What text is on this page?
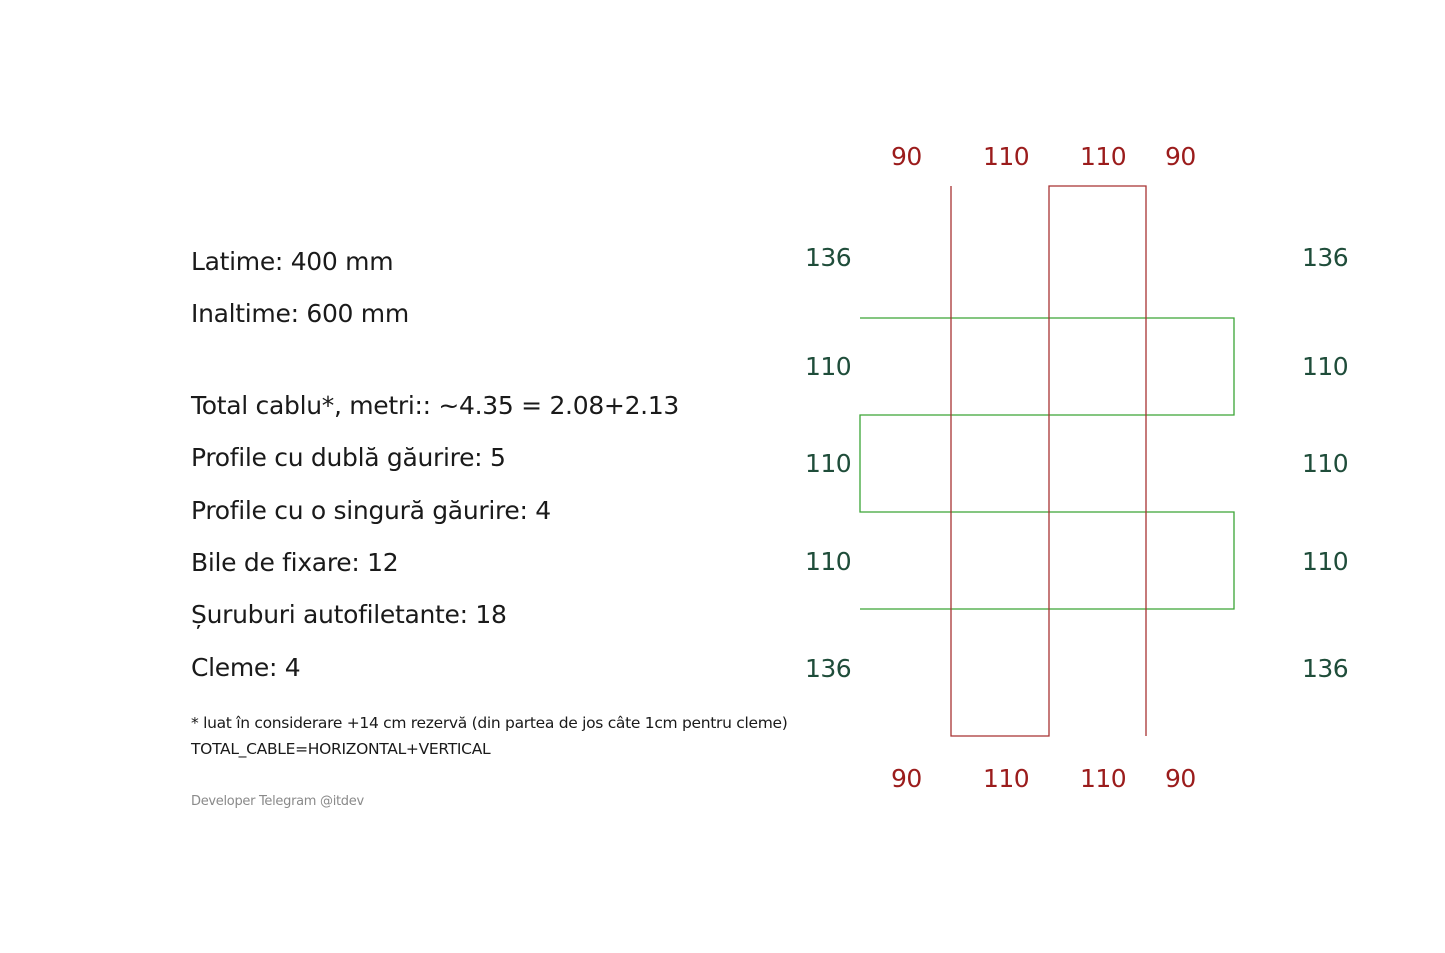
Latime: 400 mm
Inaltime: 600 mm
Total cablu*, metri:: ~4.35 = 2.08+2.13
Profile cu dublă găurire: 5
Profile cu o singură găurire: 4
Bile de fixare: 12
Șuruburi autofiletante: 18
Cleme: 4
* luat în considerare +14 cm rezervă (din partea de jos câte 1cm pentru cleme)
TOTAL_CABLE=HORIZONTAL+VERTICAL
Developer Telegram @itdev
90 110 110 90
90 110 110 90
136
110
110
110
136
136
110
110
110
136
